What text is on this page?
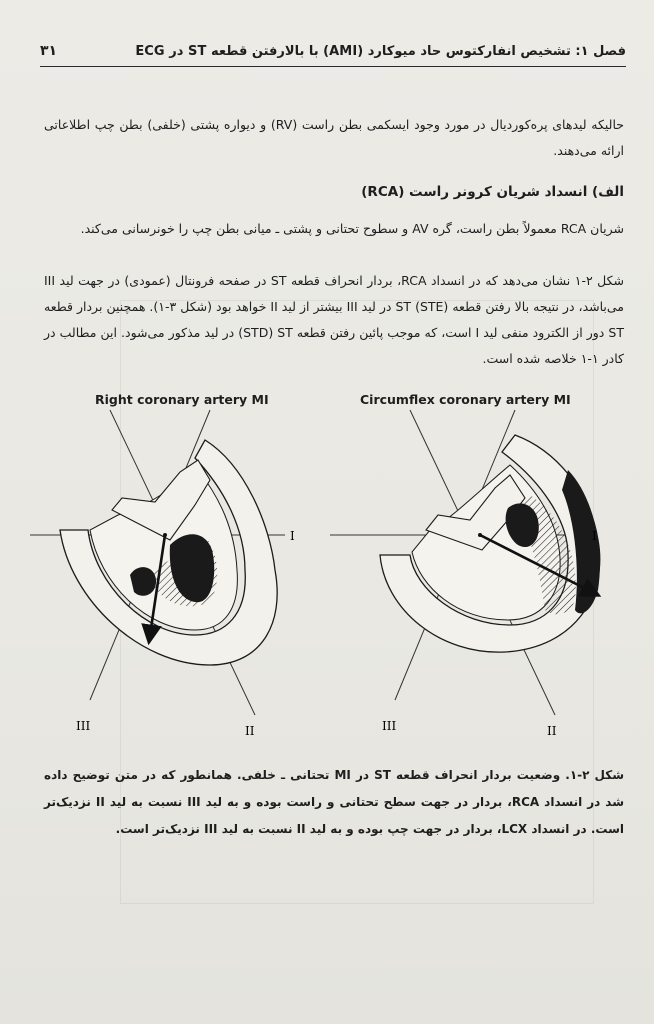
فصل ۱: تشخیص انفارکتوس حاد میوکارد (AMI) با بالارفتن قطعه ST در ECG
۳۱
حالیکه لیدهای پره‌کوردیال در مورد وجود ایسکمی بطن راست (RV) و دیواره پشتی (خلفی) بطن چپ اطلاعاتی ارائه می‌دهند.
الف) انسداد شریان کرونر راست (RCA)
شریان RCA معمولاً بطن راست، گره AV و سطوح تحتانی و پشتی ـ میانی بطن چپ را خونرسانی می‌کند.
شکل ۲-۱ نشان می‌دهد که در انسداد RCA، بردار انحراف قطعه ST در صفحه فرونتال (عمودی) در جهت لید III می‌باشد، در نتیجه بالا رفتن قطعه ST (STE) در لید III بیشتر از لید II خواهد بود (شکل ۳-۱). همچنین بردار قطعه ST دور از الکترود منفی لید I است، که موجب پائین رفتن قطعه STD) ST) در لید مذکور می‌شود. این مطالب در کادر ۱-۱ خلاصه شده است.
Right coronary artery MI	Circumflex coronary artery MI
I
III	II
I
III	II
شکل ۲-۱. وضعیت بردار انحراف قطعه ST در MI تحتانی ـ خلفی. همانطور که در متن توضیح داده شد در انسداد RCA، بردار در جهت سطح تحتانی و راست بوده و به لید III نسبت به لید II نزدیک‌تر است. در انسداد LCX، بردار در جهت چپ بوده و به لید II نسبت به لید III نزدیک‌تر است.
